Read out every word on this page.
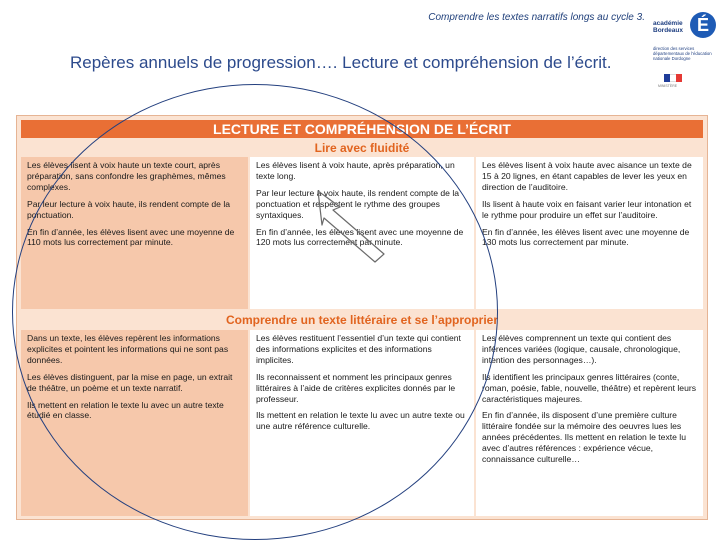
Comprendre les textes narratifs longs au cycle 3.
Repères annuels de progression…. Lecture et compréhension de l’écrit.
académie
Bordeaux É
direction des services départementaux de l'éducation nationale Dordogne
MINISTÈRE
LECTURE ET COMPRÉHENSION DE L’ÉCRIT
Lire avec fluidité

Les élèves lisent à voix haute un texte court, après préparation, sans confondre les graphèmes, mêmes complexes.

Par leur lecture à voix haute, ils rendent compte de la ponctuation.

En fin d’année, les élèves lisent avec une moyenne de 110 mots lus correctement par minute.

Les élèves lisent à voix haute, après préparation, un texte long.

Par leur lecture à voix haute, ils rendent compte de la ponctuation et respectent le rythme des groupes syntaxiques.

En fin d’année, les élèves lisent avec une moyenne de 120 mots lus correctement par minute.

Les élèves lisent à voix haute avec aisance un texte de 15 à 20 lignes, en étant capables de lever les yeux en direction de l’auditoire.

Ils lisent à haute voix en faisant varier leur intonation et le rythme pour produire un effet sur l’auditoire.

En fin d’année, les élèves lisent avec une moyenne de 130 mots lus correctement par minute.

Comprendre un texte littéraire et se l’approprier

Dans un texte, les élèves repèrent les informations explicites et pointent les informations qui ne sont pas données.

Les élèves distinguent, par la mise en page, un extrait de théâtre, un poème et un texte narratif.

Ils mettent en relation le texte lu avec un autre texte étudié en classe.

Les élèves restituent l’essentiel d’un texte qui contient des informations explicites et des informations implicites.

Ils reconnaissent et nomment les principaux genres littéraires à l’aide de critères explicites donnés par le professeur.

Ils mettent en relation le texte lu avec un autre texte ou une autre référence culturelle.

Les élèves comprennent un texte qui contient des inférences variées (logique, causale, chronologique, intention des personnages…).

Ils identifient les principaux genres littéraires (conte, roman, poésie, fable, nouvelle, théâtre) et repèrent leurs caractéristiques majeures.

En fin d’année, ils disposent d’une première culture littéraire fondée sur la mémoire des oeuvres lues les années précédentes. Ils mettent en relation le texte lu avec d’autres références : expérience vécue, connaissance culturelle…
